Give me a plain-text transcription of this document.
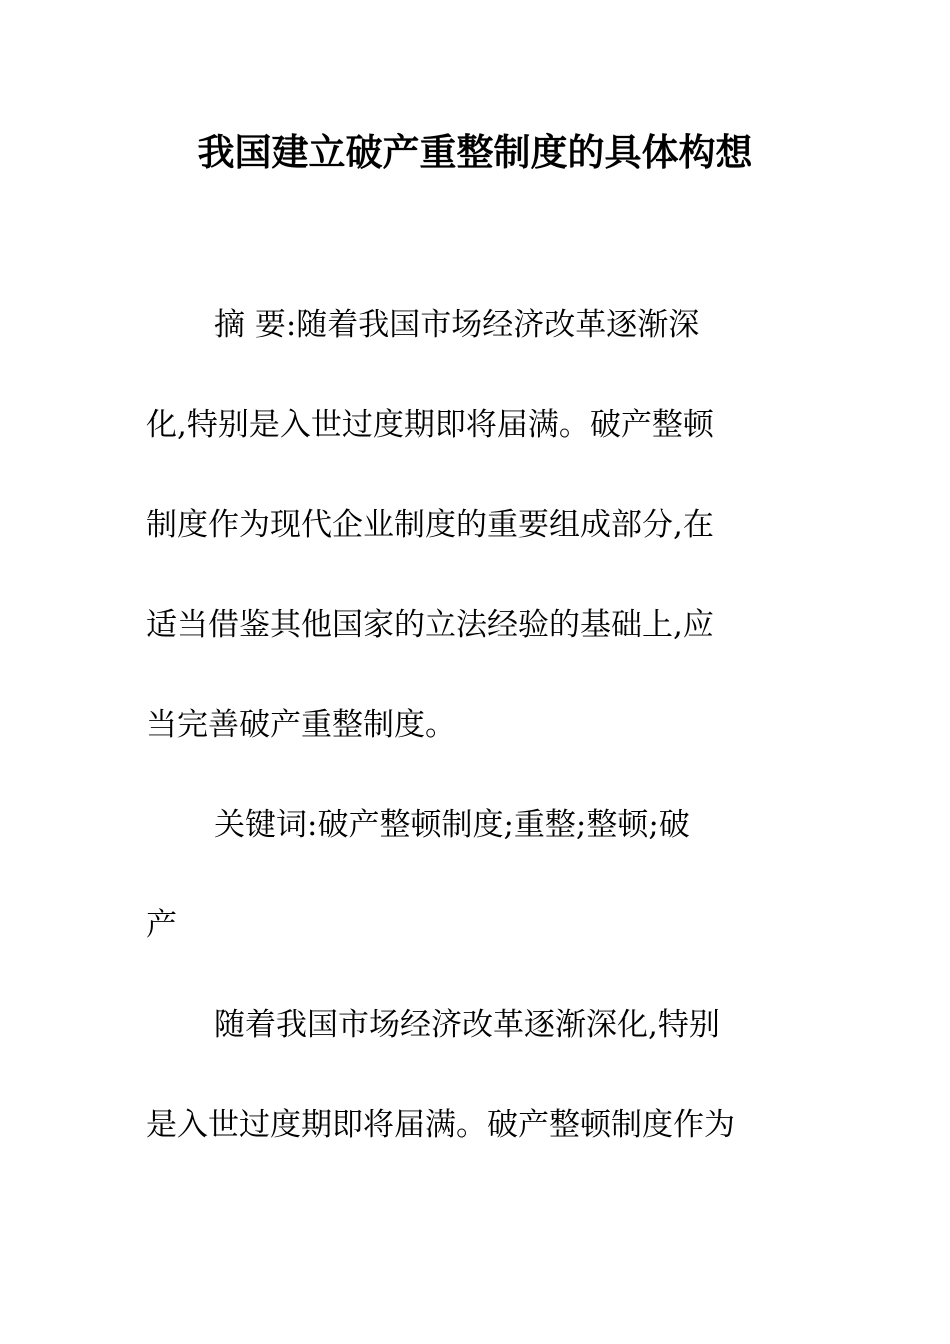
我国建立破产重整制度的具体构想
摘 要:随着我国市场经济改革逐渐深
化,特别是入世过度期即将届满。破产整顿
制度作为现代企业制度的重要组成部分,在
适当借鉴其他国家的立法经验的基础上,应
当完善破产重整制度。
关键词:破产整顿制度;重整;整顿;破
产
随着我国市场经济改革逐渐深化,特别
是入世过度期即将届满。破产整顿制度作为
